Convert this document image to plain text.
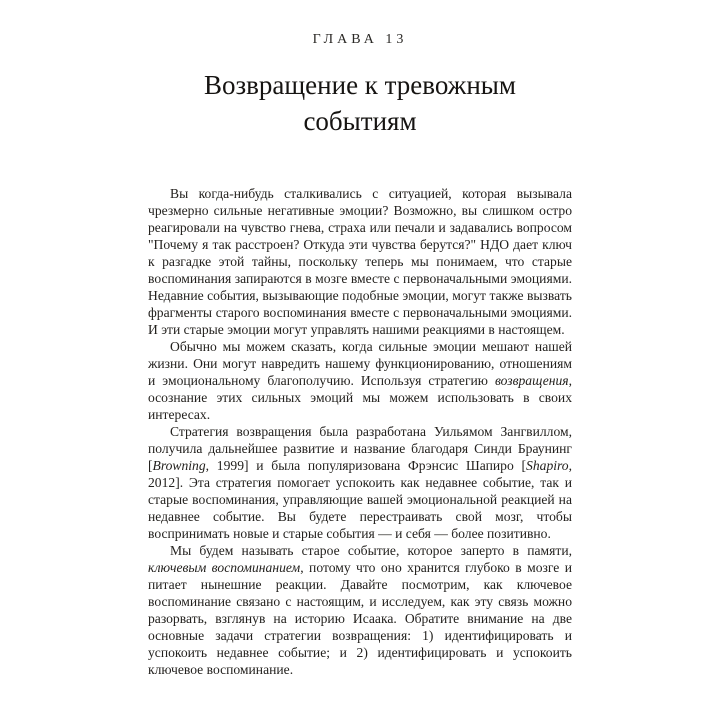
ГЛАВА 13
Возвращение к тревожным событиям

Вы когда-нибудь сталкивались с ситуацией, которая вызывала чрезмерно сильные негативные эмоции? Возможно, вы слишком остро реагировали на чувство гнева, страха или печали и задавались вопросом "Почему я так расстроен? Откуда эти чувства берутся?" НДО дает ключ к разгадке этой тайны, поскольку теперь мы понимаем, что старые воспоминания запираются в мозге вместе с первоначальными эмоциями. Недавние события, вызывающие подобные эмоции, могут также вызвать фрагменты старого воспоминания вместе с первоначальными эмоциями. И эти старые эмоции могут управлять нашими реакциями в настоящем.

Обычно мы можем сказать, когда сильные эмоции мешают нашей жизни. Они могут навредить нашему функционированию, отношениям и эмоциональному благополучию. Используя стратегию возвращения, осознание этих сильных эмоций мы можем использовать в своих интересах.

Стратегия возвращения была разработана Уильямом Зангвиллом, получила дальнейшее развитие и название благодаря Синди Браунинг [Browning, 1999] и была популяризована Фрэнсис Шапиро [Shapiro, 2012]. Эта стратегия помогает успокоить как недавнее событие, так и старые воспоминания, управляющие вашей эмоциональной реакцией на недавнее событие. Вы будете перестраивать свой мозг, чтобы воспринимать новые и старые события — и себя — более позитивно.

Мы будем называть старое событие, которое заперто в памяти, ключевым воспоминанием, потому что оно хранится глубоко в мозге и питает нынешние реакции. Давайте посмотрим, как ключевое воспоминание связано с настоящим, и исследуем, как эту связь можно разорвать, взглянув на историю Исаака. Обратите внимание на две основные задачи стратегии возвращения: 1) идентифицировать и успокоить недавнее событие; и 2) идентифицировать и успокоить ключевое воспоминание.
